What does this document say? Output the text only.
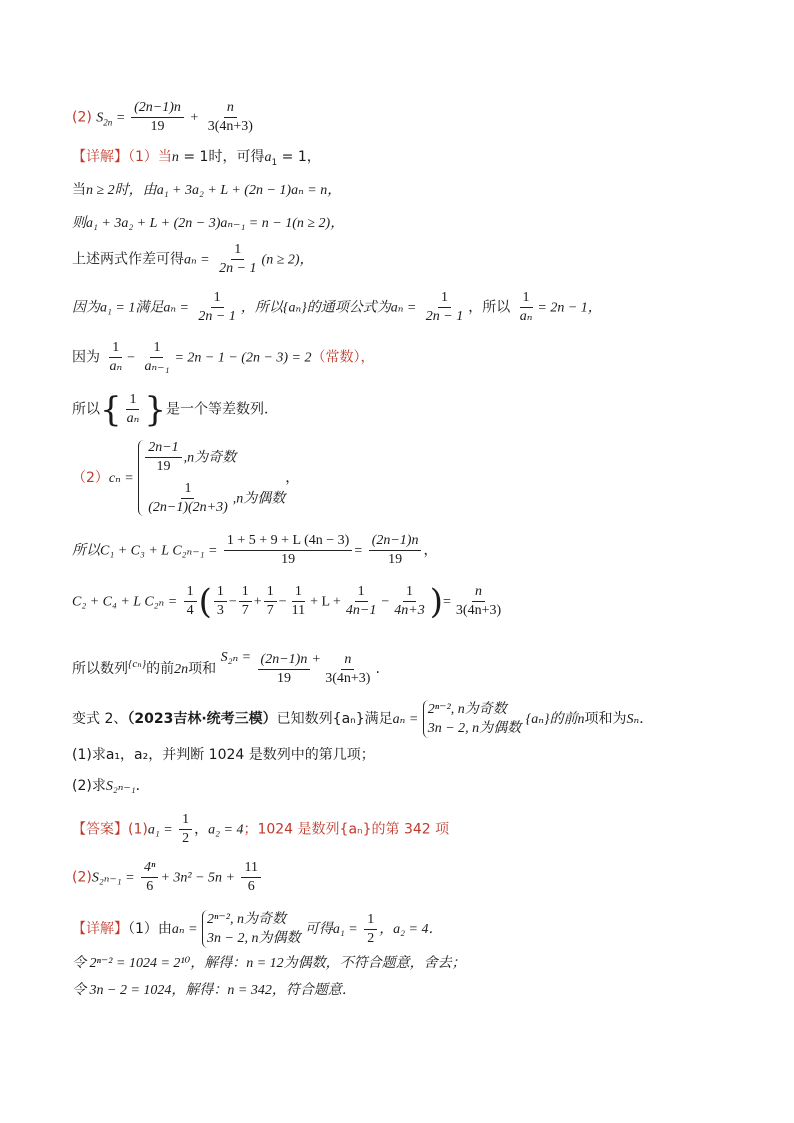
(2) $S_{2n} = \frac{(2n-1)n}{19} + \frac{n}{3(4n+3)}$
【详解】（1）当n = 1时，可得$a_1 = 1$，
当n ≥ 2时，由a₁ + 3a₂ + L + (2n − 1)aₙ = n，
则a₁ + 3a₂ + L + (2n − 3)aₙ₋₁ = n − 1(n ≥ 2)，
上述两式作差可得$a_n = \frac{1}{2n - 1} (n \ge 2)$，
因为a₁ = 1满足$a_n = \frac{1}{2n - 1}$ ，所以{aₙ}的通项公式为$a_n = \frac{1}{2n - 1}$ ，所以 $\frac{1}{\text{aₙ}} = 2n - 1$，
因为 $\frac{1}{\text{aₙ}} - \frac{1}{\text{aₙ₋₁}} = 2n - 1 - (2n - 3) = 2$（常数），
所以{ $\frac{1}{\text{aₙ}}$ }是一个等差数列．
（2）cₙ =
$\frac{2n-1}{19} ,n$为奇数
$\frac{1}{(2n-1)(2n+3)} ,n$为偶数
，
所以C₁ + C₃ + L $C_{2n-1} = \frac{1 + 5 + 9 + L (4n - 3)}{19} = \frac{(2n-1)n}{19}$ ，
C₂ + C₄ + L $C_{2n} = \frac{1}{4}$ ( $\frac{1}{3} - \frac{1}{7} + \frac{1}{7} - \frac{1}{11} + L + \frac{1}{4n-1} - \frac{1}{4n+3}$ )= $\frac{n}{3(4n+3)}$
所以数列$^{\{c_n\}}$的前2n项和 $S_{2n} = \frac{(2n-1)n}{19} + \frac{n}{3(4n+3)}$ .
变式 2、（2023吉林·统考三模）已知数列{aₙ}满足aₙ =
2ⁿ⁻², n为奇数
3n − 2, n为偶数
{aₙ}的前n项和为Sₙ．
(1)求a₁，a₂，并判断 1024 是数列中的第几项；
(2)求S₂ₙ₋₁．
【答案】$(1)a_1 = \frac{1}{2}$ ，a₂ = 4；1024 是数列{aₙ}的第 342 项
$(2)S_{2n-1} = \frac{\text{4ⁿ}}{6} + 3n^2 - 5n + \frac{11}{6}$
【详解】（1）由aₙ =
2ⁿ⁻², n为奇数
3n − 2, n为偶数
可得$a_1 = \frac{1}{2}$ ，a₂ = 4．
令 2ⁿ⁻² = 1024 = 2¹⁰，解得：n = 12为偶数，不符合题意，舍去；
令 3n − 2 = 1024，解得：n = 342，符合题意．
